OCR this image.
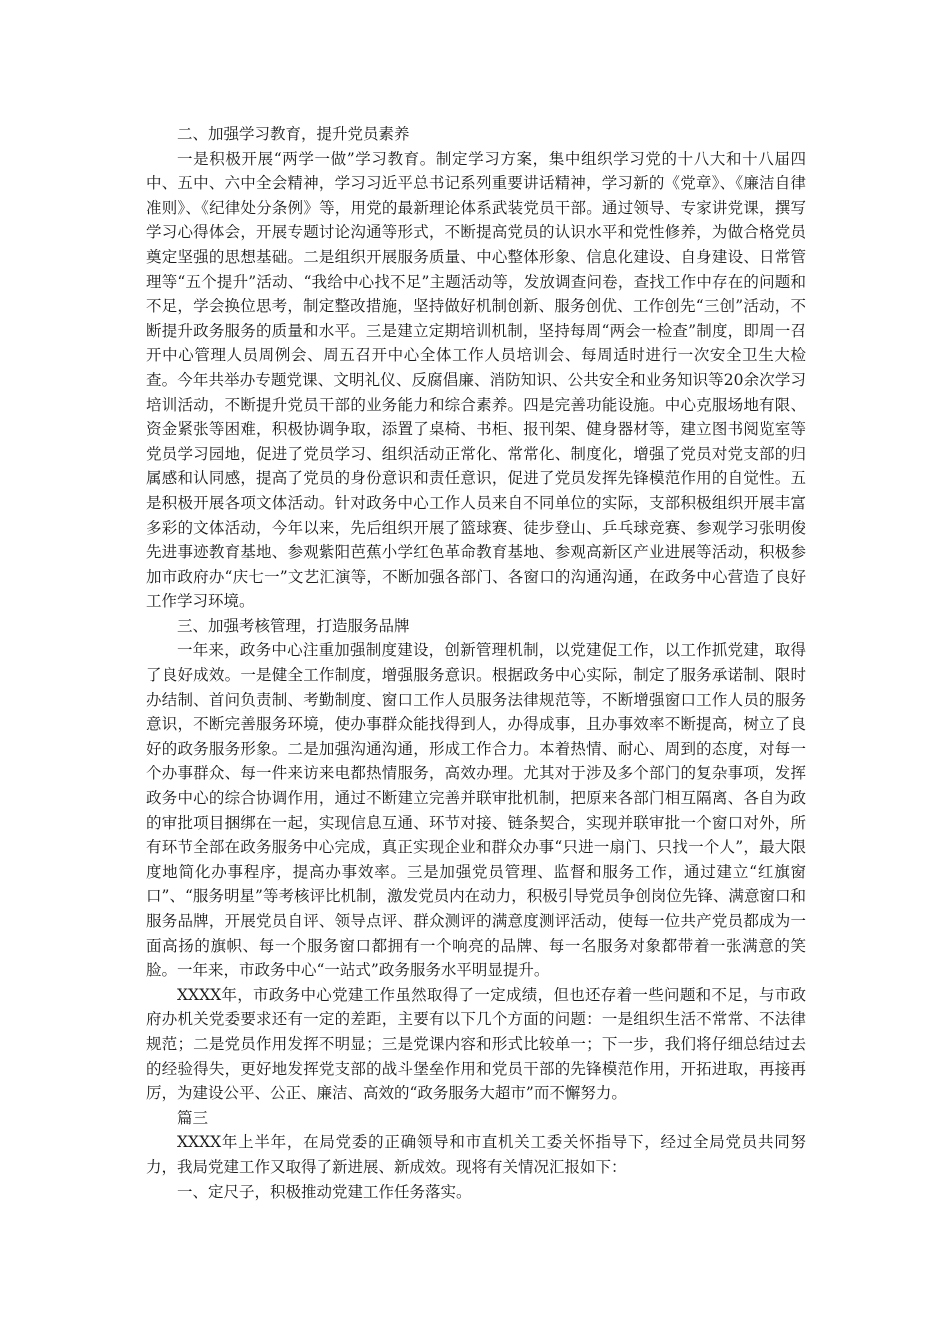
二、加强学习教育，提升党员素养

一是积极开展“两学一做”学习教育。制定学习方案，集中组织学习党的十八大和十八届四中、五中、六中全会精神，学习习近平总书记系列重要讲话精神，学习新的《党章》、《廉洁自律准则》、《纪律处分条例》等，用党的最新理论体系武装党员干部。通过领导、专家讲党课，撰写学习心得体会，开展专题讨论沟通等形式，不断提高党员的认识水平和党性修养，为做合格党员奠定坚强的思想基础。二是组织开展服务质量、中心整体形象、信息化建设、自身建设、日常管理等“五个提升”活动、“我给中心找不足”主题活动等，发放调查问卷，查找工作中存在的问题和不足，学会换位思考，制定整改措施，坚持做好机制创新、服务创优、工作创先“三创”活动，不断提升政务服务的质量和水平。三是建立定期培训机制，坚持每周“两会一检查”制度，即周一召开中心管理人员周例会、周五召开中心全体工作人员培训会、每周适时进行一次安全卫生大检查。今年共举办专题党课、文明礼仪、反腐倡廉、消防知识、公共安全和业务知识等20余次学习培训活动，不断提升党员干部的业务能力和综合素养。四是完善功能设施。中心克服场地有限、资金紧张等困难，积极协调争取，添置了桌椅、书柜、报刊架、健身器材等，建立图书阅览室等党员学习园地，促进了党员学习、组织活动正常化、常常化、制度化，增强了党员对党支部的归属感和认同感，提高了党员的身份意识和责任意识，促进了党员发挥先锋模范作用的自觉性。五是积极开展各项文体活动。针对政务中心工作人员来自不同单位的实际，支部积极组织开展丰富多彩的文体活动，今年以来，先后组织开展了篮球赛、徒步登山、乒乓球竞赛、参观学习张明俊先进事迹教育基地、参观紫阳芭蕉小学红色革命教育基地、参观高新区产业进展等活动，积极参加市政府办“庆七一”文艺汇演等，不断加强各部门、各窗口的沟通沟通，在政务中心营造了良好工作学习环境。

三、加强考核管理，打造服务品牌

一年来，政务中心注重加强制度建设，创新管理机制，以党建促工作，以工作抓党建，取得了良好成效。一是健全工作制度，增强服务意识。根据政务中心实际，制定了服务承诺制、限时办结制、首问负责制、考勤制度、窗口工作人员服务法律规范等，不断增强窗口工作人员的服务意识，不断完善服务环境，使办事群众能找得到人，办得成事，且办事效率不断提高，树立了良好的政务服务形象。二是加强沟通沟通，形成工作合力。本着热情、耐心、周到的态度，对每一个办事群众、每一件来访来电都热情服务，高效办理。尤其对于涉及多个部门的复杂事项，发挥政务中心的综合协调作用，通过不断建立完善并联审批机制，把原来各部门相互隔离、各自为政的审批项目捆绑在一起，实现信息互通、环节对接、链条契合，实现并联审批一个窗口对外，所有环节全部在政务服务中心完成，真正实现企业和群众办事“只进一扇门、只找一个人”，最大限度地简化办事程序，提高办事效率。三是加强党员管理、监督和服务工作，通过建立“红旗窗口”、“服务明星”等考核评比机制，激发党员内在动力，积极引导党员争创岗位先锋、满意窗口和服务品牌，开展党员自评、领导点评、群众测评的满意度测评活动，使每一位共产党员都成为一面高扬的旗帜、每一个服务窗口都拥有一个响亮的品牌、每一名服务对象都带着一张满意的笑脸。一年来，市政务中心“一站式”政务服务水平明显提升。

XXXX年，市政务中心党建工作虽然取得了一定成绩，但也还存着一些问题和不足，与市政府办机关党委要求还有一定的差距，主要有以下几个方面的问题：一是组织生活不常常、不法律规范；二是党员作用发挥不明显；三是党课内容和形式比较单一；下一步，我们将仔细总结过去的经验得失，更好地发挥党支部的战斗堡垒作用和党员干部的先锋模范作用，开拓进取，再接再厉，为建设公平、公正、廉洁、高效的“政务服务大超市”而不懈努力。

篇三

XXXX年上半年，在局党委的正确领导和市直机关工委关怀指导下，经过全局党员共同努力，我局党建工作又取得了新进展、新成效。现将有关情况汇报如下：

一、定尺子，积极推动党建工作任务落实。
